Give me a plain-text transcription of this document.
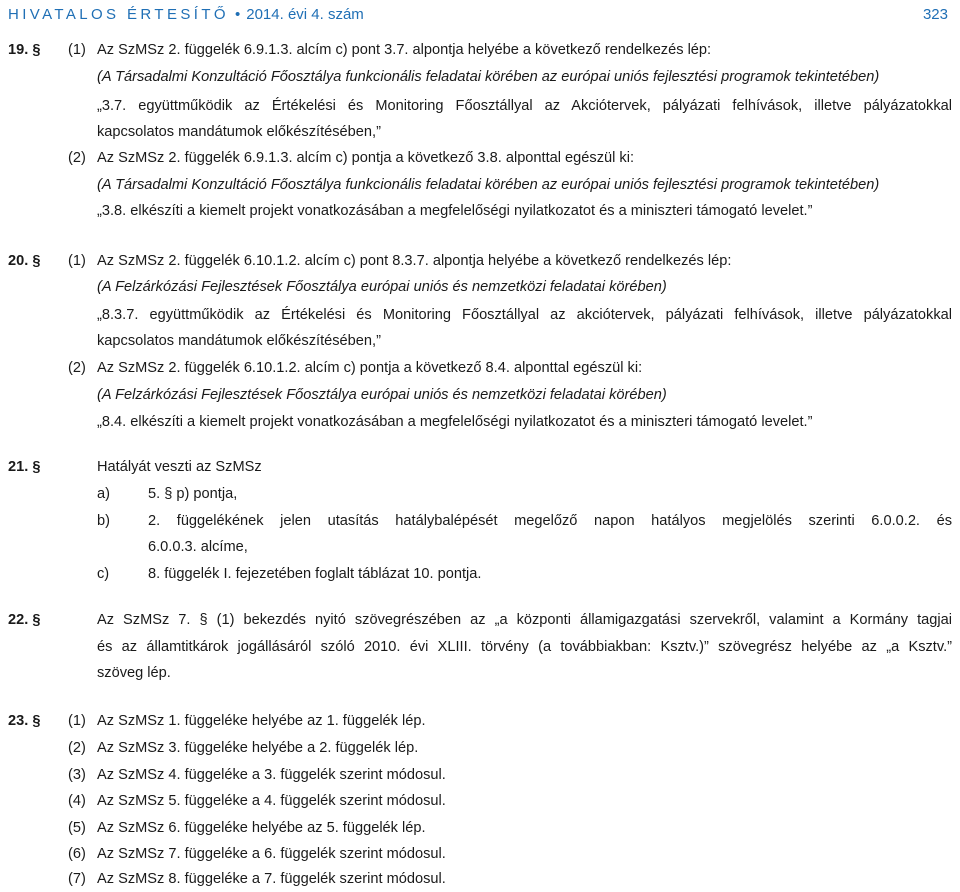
HIVATALOS ÉRTESÍTŐ • 2014. évi 4. szám	323
19. § (1) Az SzMSz 2. függelék 6.9.1.3. alcím c) pont 3.7. alpontja helyébe a következő rendelkezés lép:
(A Társadalmi Konzultáció Főosztálya funkcionális feladatai körében az európai uniós fejlesztési programok tekintetében)
„3.7. együttműködik az Értékelési és Monitoring Főosztállyal az Akciótervek, pályázati felhívások, illetve pályázatokkal
kapcsolatos mandátumok előkészítésében,”
(2) Az SzMSz 2. függelék 6.9.1.3. alcím c) pontja a következő 3.8. alponttal egészül ki:
(A Társadalmi Konzultáció Főosztálya funkcionális feladatai körében az európai uniós fejlesztési programok tekintetében)
„3.8. elkészíti a kiemelt projekt vonatkozásában a megfelelőségi nyilatkozatot és a miniszteri támogató levelet.”
20. § (1) Az SzMSz 2. függelék 6.10.1.2. alcím c) pont 8.3.7. alpontja helyébe a következő rendelkezés lép:
(A Felzárkózási Fejlesztések Főosztálya európai uniós és nemzetközi feladatai körében)
„8.3.7. együttműködik az Értékelési és Monitoring Főosztállyal az akciótervek, pályázati felhívások, illetve pályázatokkal
kapcsolatos mandátumok előkészítésében,”
(2) Az SzMSz 2. függelék 6.10.1.2. alcím c) pontja a következő 8.4. alponttal egészül ki:
(A Felzárkózási Fejlesztések Főosztálya európai uniós és nemzetközi feladatai körében)
„8.4. elkészíti a kiemelt projekt vonatkozásában a megfelelőségi nyilatkozatot és a miniszteri támogató levelet.”
21. §	Hatályát veszti az SzMSz
a)	5. § p) pontja,
b)	2. függelékének jelen utasítás hatálybalépését megelőző napon hatályos megjelölés szerinti 6.0.0.2. és
6.0.0.3. alcíme,
c)	8. függelék I. fejezetében foglalt táblázat 10. pontja.
22. §	Az SzMSz 7. § (1) bekezdés nyitó szövegrészében az „a központi államigazgatási szervekről, valamint a Kormány tagjai
és az államtitkárok jogállásáról szóló 2010. évi XLIII. törvény (a továbbiakban: Ksztv.)” szövegrész helyébe az „a Ksztv.”
szöveg lép.
23. § (1) Az SzMSz 1. függeléke helyébe az 1. függelék lép.
(2) Az SzMSz 3. függeléke helyébe a 2. függelék lép.
(3) Az SzMSz 4. függeléke a 3. függelék szerint módosul.
(4) Az SzMSz 5. függeléke a 4. függelék szerint módosul.
(5) Az SzMSz 6. függeléke helyébe az 5. függelék lép.
(6) Az SzMSz 7. függeléke a 6. függelék szerint módosul.
(7) Az SzMSz 8. függeléke a 7. függelék szerint módosul.
